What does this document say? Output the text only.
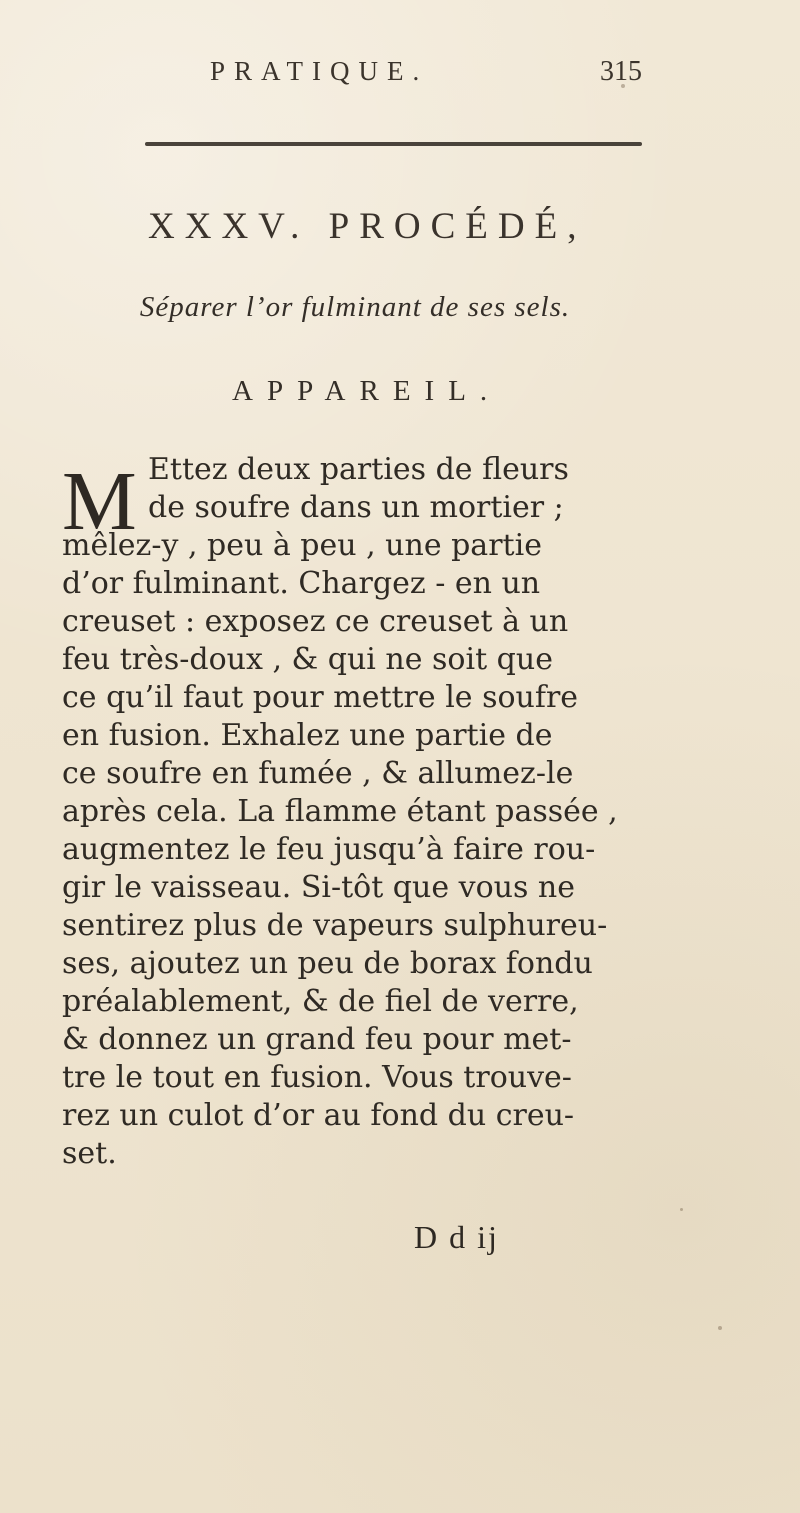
PRATIQUE.	315
XXXV. PROCÉDÉ,
Séparer l’or fulminant de ses sels.
APPAREIL.
M Ettez deux parties de fleurs
de soufre dans un mortier ;
mêlez-y , peu à peu , une partie
d’or fulminant. Chargez - en un
creuset : exposez ce creuset à un
feu très-doux , & qui ne soit que
ce qu’il faut pour mettre le soufre
en fusion. Exhalez une partie de
ce soufre en fumée , & allumez-le
après cela. La flamme étant passée ,
augmentez le feu jusqu’à faire rou-
gir le vaisseau. Si-tôt que vous ne
sentirez plus de vapeurs sulphureu-
ses, ajoutez un peu de borax fondu
préalablement, & de fiel de verre,
& donnez un grand feu pour met-
tre le tout en fusion. Vous trouve-
rez un culot d’or au fond du creu-
set.
D d ij
